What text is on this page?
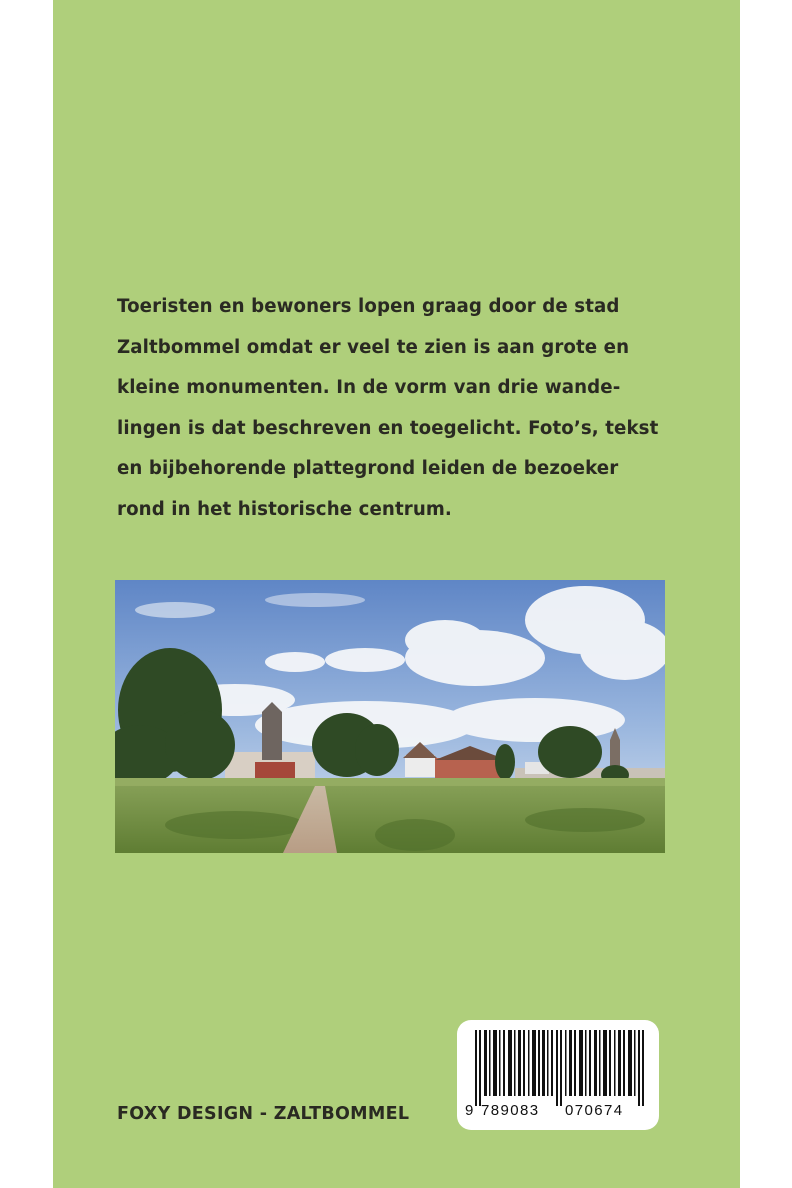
Toeristen en bewoners lopen graag door de stad
Zaltbommel omdat er veel te zien is aan grote en
kleine monumenten. In de vorm van drie wande-
lingen is dat beschreven en toegelicht. Foto’s, tekst
en bijbehorende plattegrond leiden de bezoeker
rond in het historische centrum.
FOXY DESIGN - ZALTBOMMEL	9 789083 070674
